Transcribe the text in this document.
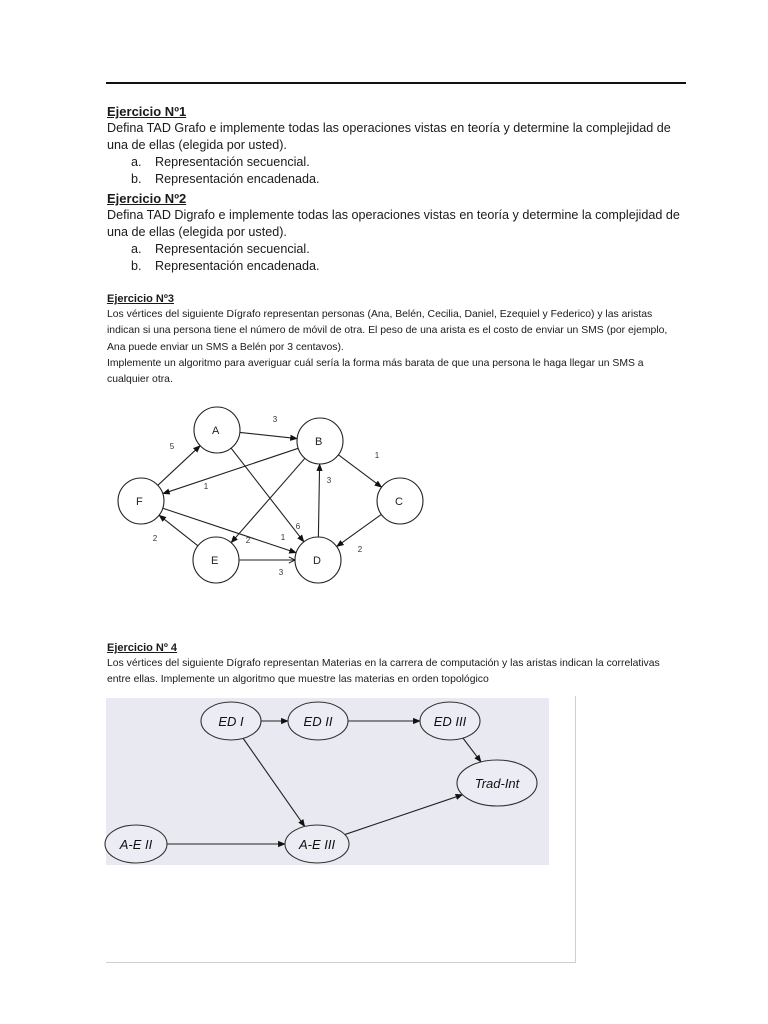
Ejercicio Nº1
Defina TAD Grafo e implemente todas las operaciones vistas en teoría y determine la complejidad de una de ellas (elegida por usted).
a. Representación secuencial.
b. Representación encadenada.
Ejercicio Nº2
Defina TAD Digrafo e implemente todas las operaciones vistas en teoría y determine la complejidad de una de ellas (elegida por usted).
a. Representación secuencial.
b. Representación encadenada.
Ejercicio Nº3
Los vértices del siguiente Dígrafo representan personas (Ana, Belén, Cecilia, Daniel, Ezequiel y Federico) y las aristas indican si una persona tiene el número de móvil de otra. El peso de una arista es el costo de enviar un SMS (por ejemplo, Ana puede enviar un SMS a Belén por 3 centavos).
Implemente un algoritmo para averiguar cuál sería la forma más barata de que una persona le haga llegar un SMS a cualquier otra.
3
1
1
2
5
6
1
2
3
3
2
A
B
C
D
E
F
Ejercicio Nº 4
Los vértices del siguiente Dígrafo representan Materias en la carrera de computación y las aristas indican la correlativas entre ellas. Implemente un algoritmo que muestre las materias en orden topológico
ED I	ED II	ED III
Trad-Int
A-E II	A-E III
